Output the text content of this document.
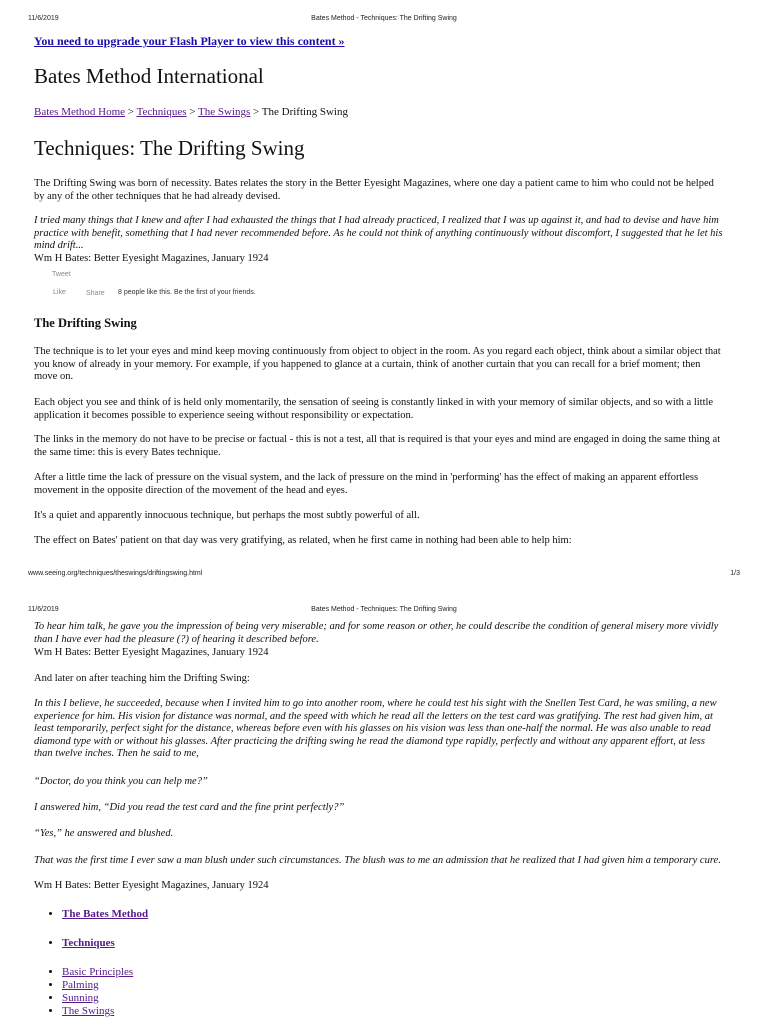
11/6/2019	Bates Method - Techniques: The Drifting Swing
You need to upgrade your Flash Player to view this content »
Bates Method International
Bates Method Home > Techniques > The Swings > The Drifting Swing
Techniques: The Drifting Swing

The Drifting Swing was born of necessity. Bates relates the story in the Better Eyesight Magazines, where one day a patient came to him who could not be helped by any of the other techniques that he had already devised.

I tried many things that I knew and after I had exhausted the things that I had already practiced, I realized that I was up against it, and had to devise and have him practice with benefit, something that I had never recommended before. As he could not think of anything continuously without discomfort, I suggested that he let his mind drift...

Wm H Bates: Better Eyesight Magazines, January 1924

Tweet
Like	Share 8 people like this. Be the first of your friends.
The Drifting Swing

The technique is to let your eyes and mind keep moving continuously from object to object in the room. As you regard each object, think about a similar object that you know of already in your memory. For example, if you happened to glance at a curtain, think of another curtain that you can recall for a brief moment; then move on.

Each object you see and think of is held only momentarily, the sensation of seeing is constantly linked in with your memory of similar objects, and so with a little application it becomes possible to experience seeing without responsibility or expectation.

The links in the memory do not have to be precise or factual - this is not a test, all that is required is that your eyes and mind are engaged in doing the same thing at the same time: this is every Bates technique.

After a little time the lack of pressure on the visual system, and the lack of pressure on the mind in 'performing' has the effect of making an apparent effortless movement in the opposite direction of the movement of the head and eyes.

It's a quiet and apparently innocuous technique, but perhaps the most subtly powerful of all.

The effect on Bates' patient on that day was very gratifying, as related, when he first came in nothing had been able to help him:

www.seeing.org/techniques/theswings/driftingswing.html	1/3
11/6/2019	Bates Method - Techniques: The Drifting Swing

To hear him talk, he gave you the impression of being very miserable; and for some reason or other, he could describe the condition of general misery more vividly than I have ever had the pleasure (?) of hearing it described before.

Wm H Bates: Better Eyesight Magazines, January 1924

And later on after teaching him the Drifting Swing:

In this I believe, he succeeded, because when I invited him to go into another room, where he could test his sight with the Snellen Test Card, he was smiling, a new experience for him. His vision for distance was normal, and the speed with which he read all the letters on the test card was gratifying. The rest had given him, at least temporarily, perfect sight for the distance, whereas before even with his glasses on his vision was less than one-half the normal. He was also unable to read diamond type with or without his glasses. After practicing the drifting swing he read the diamond type rapidly, perfectly and without any apparent effort, at less than twelve inches. Then he said to me,

“Doctor, do you think you can help me?”

I answered him, “Did you read the test card and the fine print perfectly?”

“Yes,” he answered and blushed.

That was the first time I ever saw a man blush under such circumstances. The blush was to me an admission that he realized that I had given him a temporary cure.

Wm H Bates: Better Eyesight Magazines, January 1924

• The Bates Method
• Techniques
• Basic Principles
• Palming
• Sunning
• The Swings
